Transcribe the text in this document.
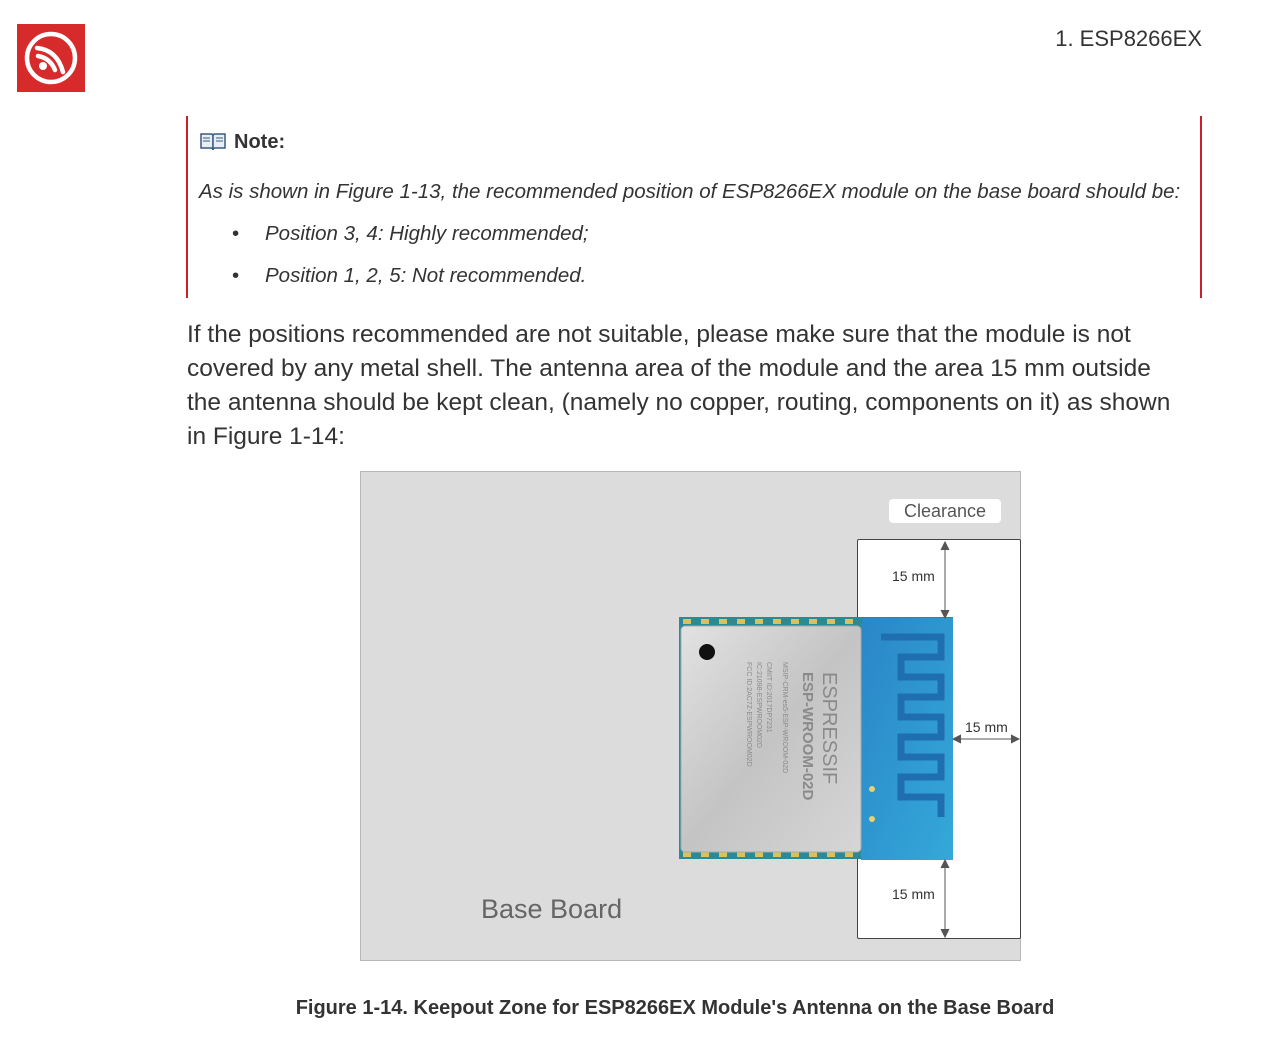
1. ESP8266EX
Note:
As is shown in Figure 1-13, the recommended position of ESP8266EX module on the base board should be:
• Position 3, 4: Highly recommended;
• Position 1, 2, 5: Not recommended.
If the positions recommended are not suitable, please make sure that the module is not
covered by any metal shell. The antenna area of the module and the area 15 mm outside
the antenna should be kept clean, (namely no copper, routing, components on it) as shown
in Figure 1-14:
Clearance
ESPRESSIF
ESP-WROOM-02D
MSIP-CRM-es5-ESP-WROOM-02D
CMIIT ID:2017DP7231
IC:21098-ESPWROOM02D
FCC ID:2AC7Z-ESPWROOM02D
15 mm
15 mm
15 mm
Base Board
Figure 1-14. Keepout Zone for ESP8266EX Module's Antenna on the Base Board
